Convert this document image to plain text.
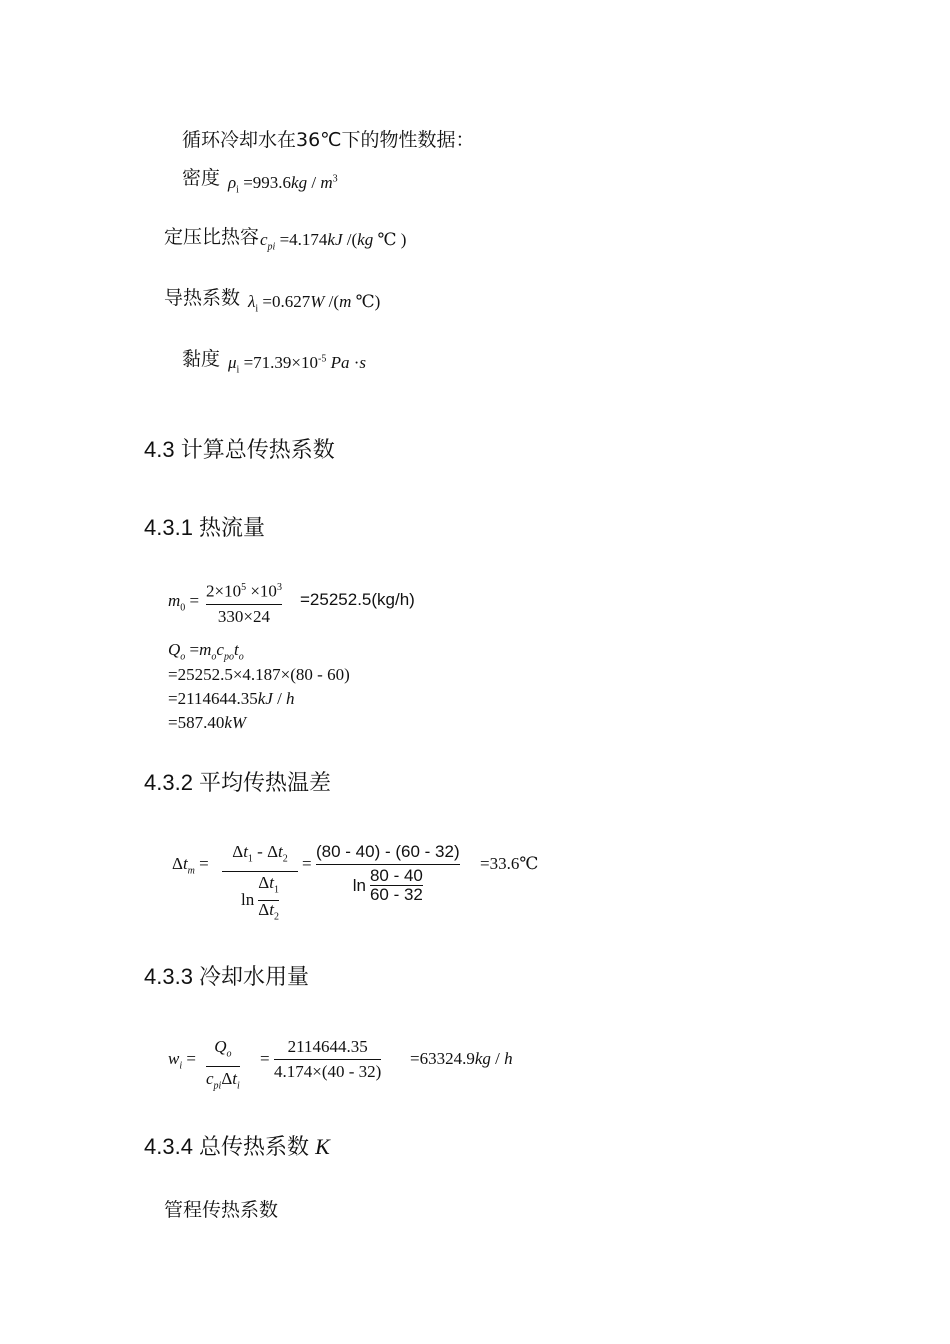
循环冷却水在36℃下的物性数据：
密度 $\rho_i =993.6kg / m^3$
定压比热容 $c_{pi} =4.174kJ$ /(kg ℃ )
导热系数 $\lambda_i =0.627W$ /(m ℃)
黏度 $\mu_i =71.39\times 10^{-5}$ Pa ·s
4.3 计算总传热系数
4.3.1 热流量
$m_0 = 2\times 10^5 \times 10^3$
330×24
=25252.5(kg/h)
$Q_o =m_oc_{po}t_o$
=25252.5×4.187×(80 - 60)
=2114644.35kJ / h
=587.40kW
4.3.2 平均传热温差
$\Delta t_m$ =
$\Delta t_1 - \Delta t_2$
ln
$\Delta t_1$
$\Delta t_2$
=
(80 - 40) - (60 - 32)
ln 80 - 40
60 - 32
=33.6℃
4.3.3 冷却水用量
$w_i$ =
$Q_o$
$c_{pi}\Delta t_i$
=
2114644.35
4.174×(40 - 32)
=63324.9kg / h
4.3.4 总传热系数 K
管程传热系数
